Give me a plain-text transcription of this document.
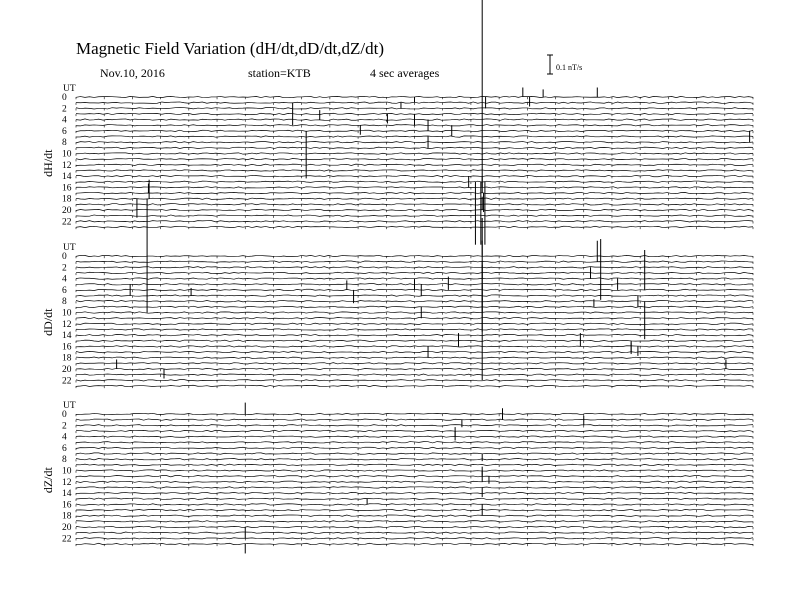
Magnetic Field Variation (dH/dt,dD/dt,dZ/dt)
Nov.10, 2016	station=KTB	4 sec averages	0.1 nT/s
UT
dH/dt
0
2
4
6
8
10
12
14
16
18
20
22
UT
dD/dt
0
2
4
6
8
10
12
14
16
18
20
22
UT
dZ/dt
0
2
4
6
8
10
12
14
16
18
20
22
